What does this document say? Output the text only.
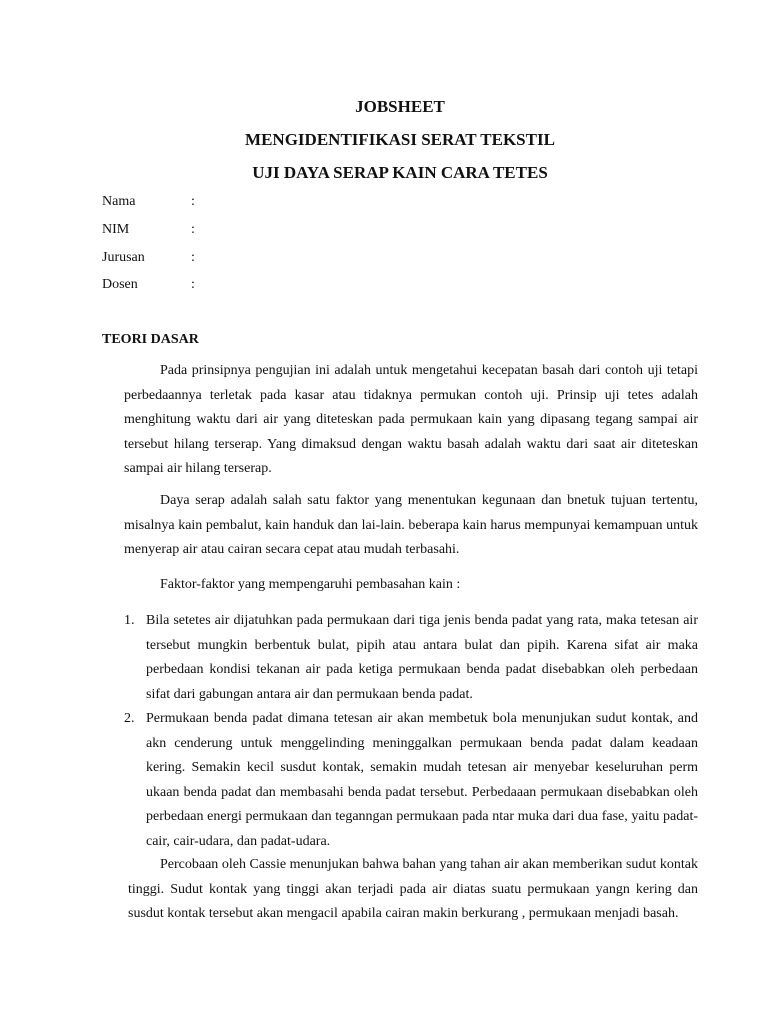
JOBSHEET
MENGIDENTIFIKASI SERAT TEKSTIL
UJI DAYA SERAP KAIN CARA TETES
Nama	:
NIM	:
Jurusan	:
Dosen	:
TEORI DASAR

Pada prinsipnya pengujian ini adalah untuk mengetahui kecepatan basah dari contoh uji tetapi perbedaannya terletak pada kasar atau tidaknya permukan contoh uji. Prinsip uji tetes adalah menghitung waktu dari air yang diteteskan pada permukaan kain yang dipasang tegang sampai air tersebut hilang terserap. Yang dimaksud dengan waktu basah adalah waktu dari saat air diteteskan sampai air hilang terserap.

Daya serap adalah salah satu faktor yang menentukan kegunaan dan bnetuk tujuan tertentu, misalnya kain pembalut, kain handuk dan lai-lain. beberapa kain harus mempunyai kemampuan untuk menyerap air atau cairan secara cepat atau mudah terbasahi.

Faktor-faktor yang mempengaruhi pembasahan kain :

1. Bila setetes air dijatuhkan pada permukaan dari tiga jenis benda padat yang rata, maka tetesan air tersebut mungkin berbentuk bulat, pipih atau antara bulat dan pipih. Karena sifat air maka perbedaan kondisi tekanan air pada ketiga permukaan benda padat disebabkan oleh perbedaan sifat dari gabungan antara air dan permukaan benda padat.
2. Permukaan benda padat dimana tetesan air akan membetuk bola menunjukan sudut kontak, and akn cenderung untuk menggelinding meninggalkan permukaan benda padat dalam keadaan kering. Semakin kecil susdut kontak, semakin mudah tetesan air menyebar keseluruhan perm ukaan benda padat dan membasahi benda padat tersebut. Perbedaaan permukaan disebabkan oleh perbedaan energi permukaan dan teganngan permukaan pada ntar muka dari dua fase, yaitu padat-cair, cair-udara, dan padat-udara.

Percobaan oleh Cassie menunjukan bahwa bahan yang tahan air akan memberikan sudut kontak tinggi. Sudut kontak yang tinggi akan terjadi pada air diatas suatu permukaan yangn kering dan susdut kontak tersebut akan mengacil apabila cairan makin berkurang , permukaan menjadi basah.
